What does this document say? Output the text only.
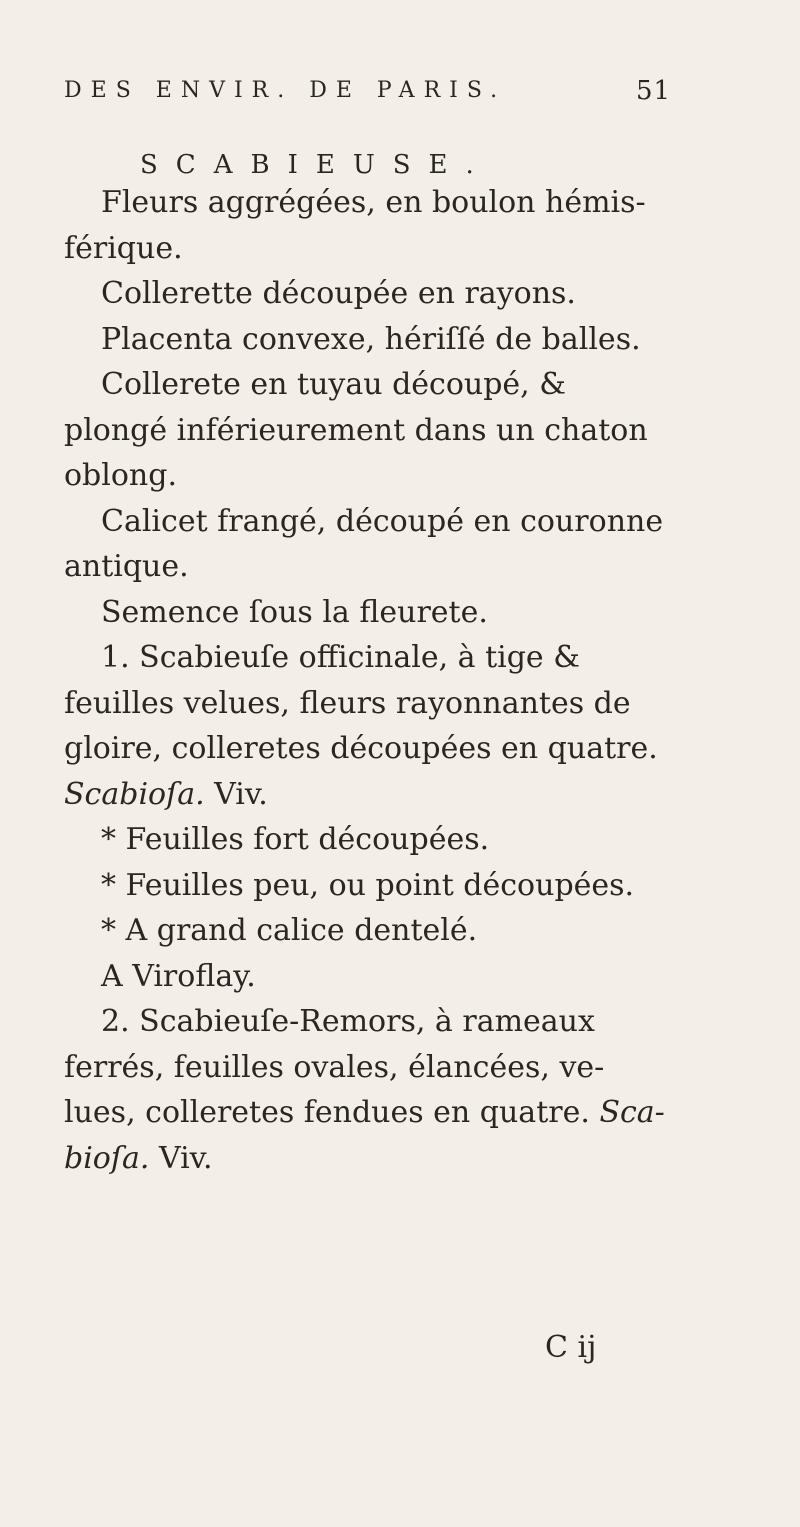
DES ENVIR. DE PARIS.	51
SCABIEUSE.

Fleurs aggrégées, en boulon hémis-

férique.

Collerette découpée en rayons.

Placenta convexe, hériſſé de balles.

Collerete en tuyau découpé, &

plongé inférieurement dans un chaton

oblong.

Calicet frangé, découpé en couronne

antique.

Semence ſous la fleurete.

1. Scabieuſe officinale, à tige &

feuilles velues, fleurs rayonnantes de

gloire, colleretes découpées en quatre.

Scabioſa. Viv.

* Feuilles fort découpées.

* Feuilles peu, ou point découpées.

* A grand calice dentelé.

A Viroflay.

2. Scabieuſe-Remors, à rameaux

ferrés, feuilles ovales, élancées, ve-

lues, colleretes fendues en quatre. Sca-

bioſa. Viv.

C ij
